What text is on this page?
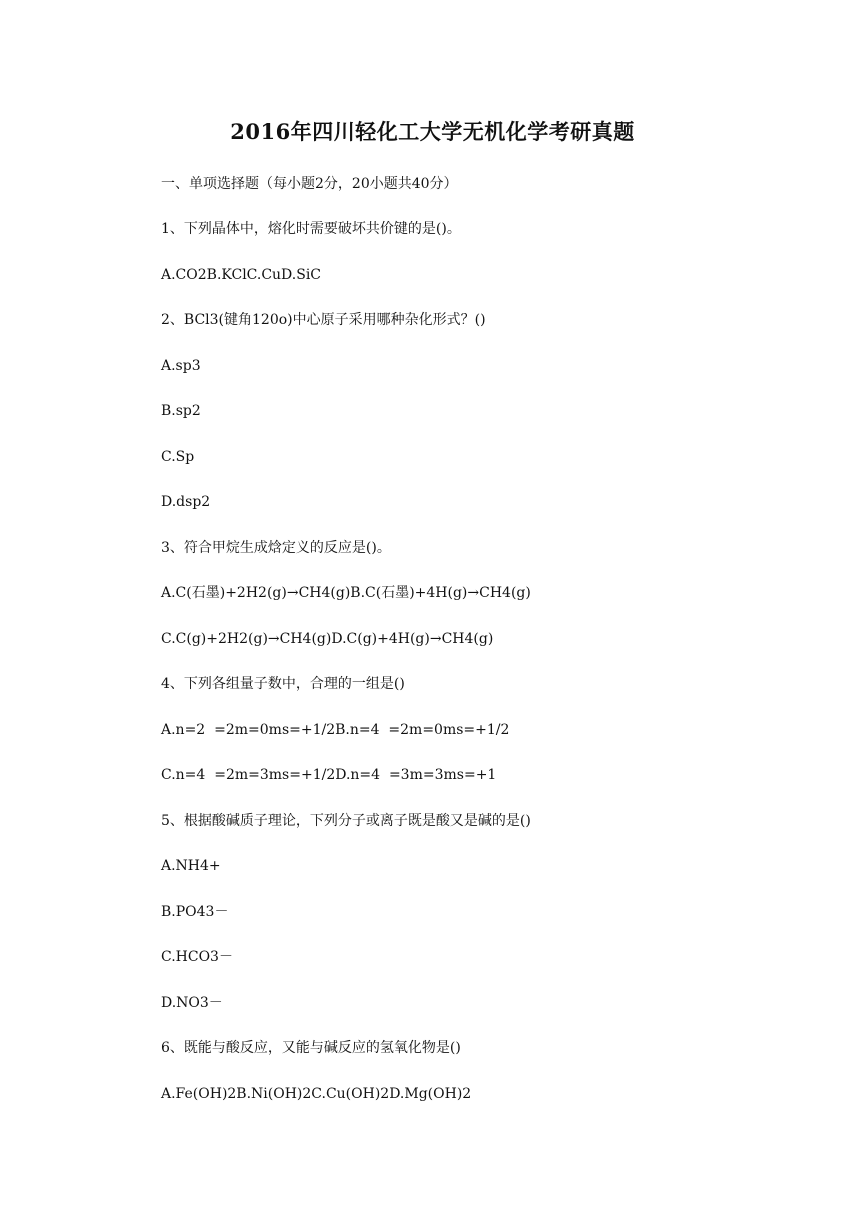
2016年四川轻化工大学无机化学考研真题

一、单项选择题（每小题2分，20小题共40分）

1、下列晶体中，熔化时需要破坏共价键的是()。

A.CO2B.KClC.CuD.SiC

2、BCl3(键角120o)中心原子采用哪种杂化形式？()

A.sp3

B.sp2

C.Sp

D.dsp2

3、符合甲烷生成焓定义的反应是()。

A.C(石墨)+2H2(g)→CH4(g)B.C(石墨)+4H(g)→CH4(g)

C.C(g)+2H2(g)→CH4(g)D.C(g)+4H(g)→CH4(g)

4、下列各组量子数中，合理的一组是()

A.n=2  =2m=0ms=+1/2B.n=4  =2m=0ms=+1/2

C.n=4  =2m=3ms=+1/2D.n=4  =3m=3ms=+1

5、根据酸碱质子理论，下列分子或离子既是酸又是碱的是()

A.NH4+

B.PO43－

C.HCO3－

D.NO3－

6、既能与酸反应，又能与碱反应的氢氧化物是()

A.Fe(OH)2B.Ni(OH)2C.Cu(OH)2D.Mg(OH)2
